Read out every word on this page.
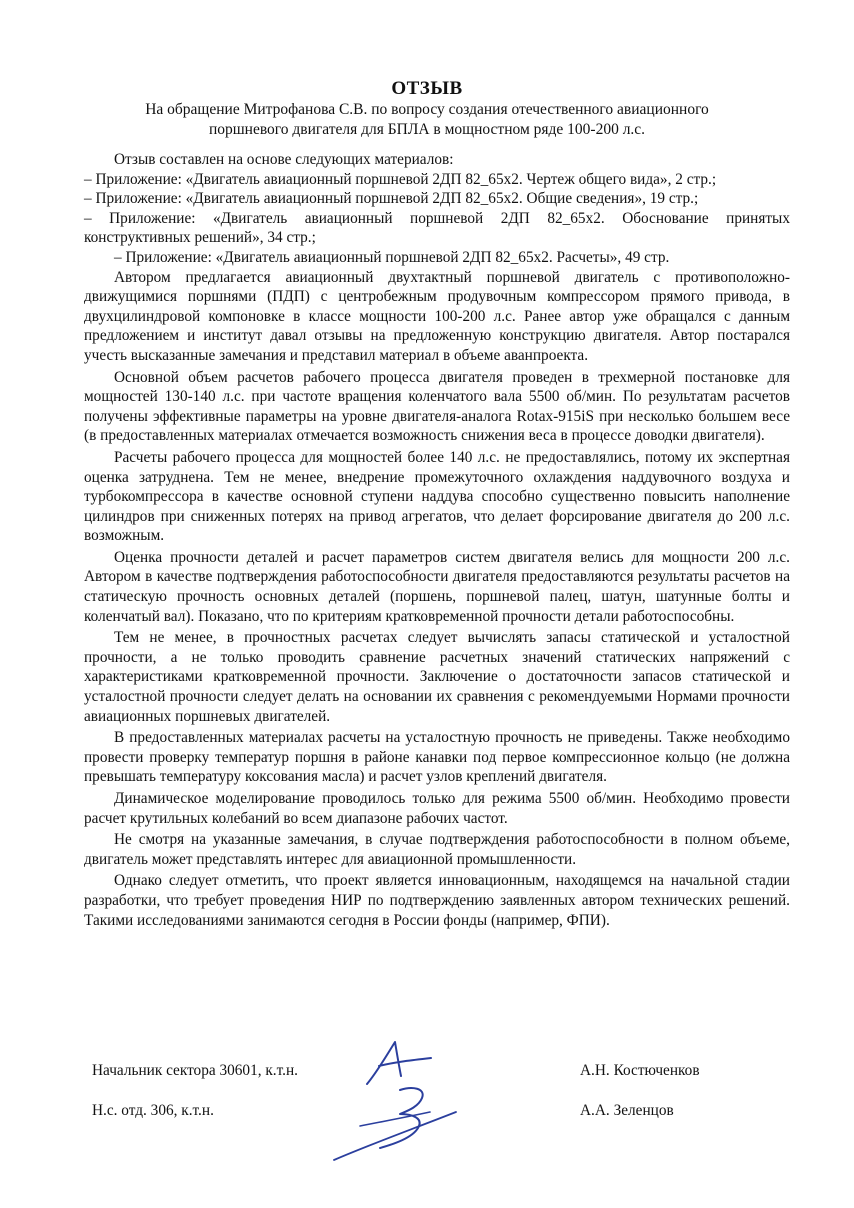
ОТЗЫВ
На обращение Митрофанова С.В. по вопросу создания отечественного авиационного
поршневого двигателя для БПЛА в мощностном ряде 100-200 л.с.

Отзыв составлен на основе следующих материалов:

– Приложение: «Двигатель авиационный поршневой 2ДП 82_65х2. Чертеж общего вида», 2 стр.;

– Приложение: «Двигатель авиационный поршневой 2ДП 82_65х2. Общие сведения», 19 стр.;

– Приложение: «Двигатель авиационный поршневой 2ДП 82_65х2. Обоснование принятых конструктивных решений», 34 стр.;

– Приложение: «Двигатель авиационный поршневой 2ДП 82_65х2. Расчеты», 49 стр.

Автором предлагается авиационный двухтактный поршневой двигатель с противоположно-движущимися поршнями (ПДП) с центробежным продувочным компрессором прямого привода, в двухцилиндровой компоновке в классе мощности 100-200 л.с. Ранее автор уже обращался с данным предложением и институт давал отзывы на предложенную конструкцию двигателя. Автор постарался учесть высказанные замечания и представил материал в объеме аванпроекта.

Основной объем расчетов рабочего процесса двигателя проведен в трехмерной постановке для мощностей 130-140 л.с. при частоте вращения коленчатого вала 5500 об/мин. По результатам расчетов получены эффективные параметры на уровне двигателя-аналога Rotax-915iS при несколько большем весе (в предоставленных материалах отмечается возможность снижения веса в процессе доводки двигателя).

Расчеты рабочего процесса для мощностей более 140 л.с. не предоставлялись, потому их экспертная оценка затруднена. Тем не менее, внедрение промежуточного охлаждения наддувочного воздуха и турбокомпрессора в качестве основной ступени наддува способно существенно повысить наполнение цилиндров при сниженных потерях на привод агрегатов, что делает форсирование двигателя до 200 л.с. возможным.

Оценка прочности деталей и расчет параметров систем двигателя велись для мощности 200 л.с. Автором в качестве подтверждения работоспособности двигателя предоставляются результаты расчетов на статическую прочность основных деталей (поршень, поршневой палец, шатун, шатунные болты и коленчатый вал). Показано, что по критериям кратковременной прочности детали работоспособны.

Тем не менее, в прочностных расчетах следует вычислять запасы статической и усталостной прочности, а не только проводить сравнение расчетных значений статических напряжений с характеристиками кратковременной прочности. Заключение о достаточности запасов статической и усталостной прочности следует делать на основании их сравнения с рекомендуемыми Нормами прочности авиационных поршневых двигателей.

В предоставленных материалах расчеты на усталостную прочность не приведены. Также необходимо провести проверку температур поршня в районе канавки под первое компрессионное кольцо (не должна превышать температуру коксования масла) и расчет узлов креплений двигателя.

Динамическое моделирование проводилось только для режима 5500 об/мин. Необходимо провести расчет крутильных колебаний во всем диапазоне рабочих частот.

Не смотря на указанные замечания, в случае подтверждения работоспособности в полном объеме, двигатель может представлять интерес для авиационной промышленности.

Однако следует отметить, что проект является инновационным, находящемся на начальной стадии разработки, что требует проведения НИР по подтверждению заявленных автором технических решений. Такими исследованиями занимаются сегодня в России фонды (например, ФПИ).

Начальник сектора 30601, к.т.н.	А.Н. Костюченков
Н.с. отд. 306, к.т.н.	А.А. Зеленцов
